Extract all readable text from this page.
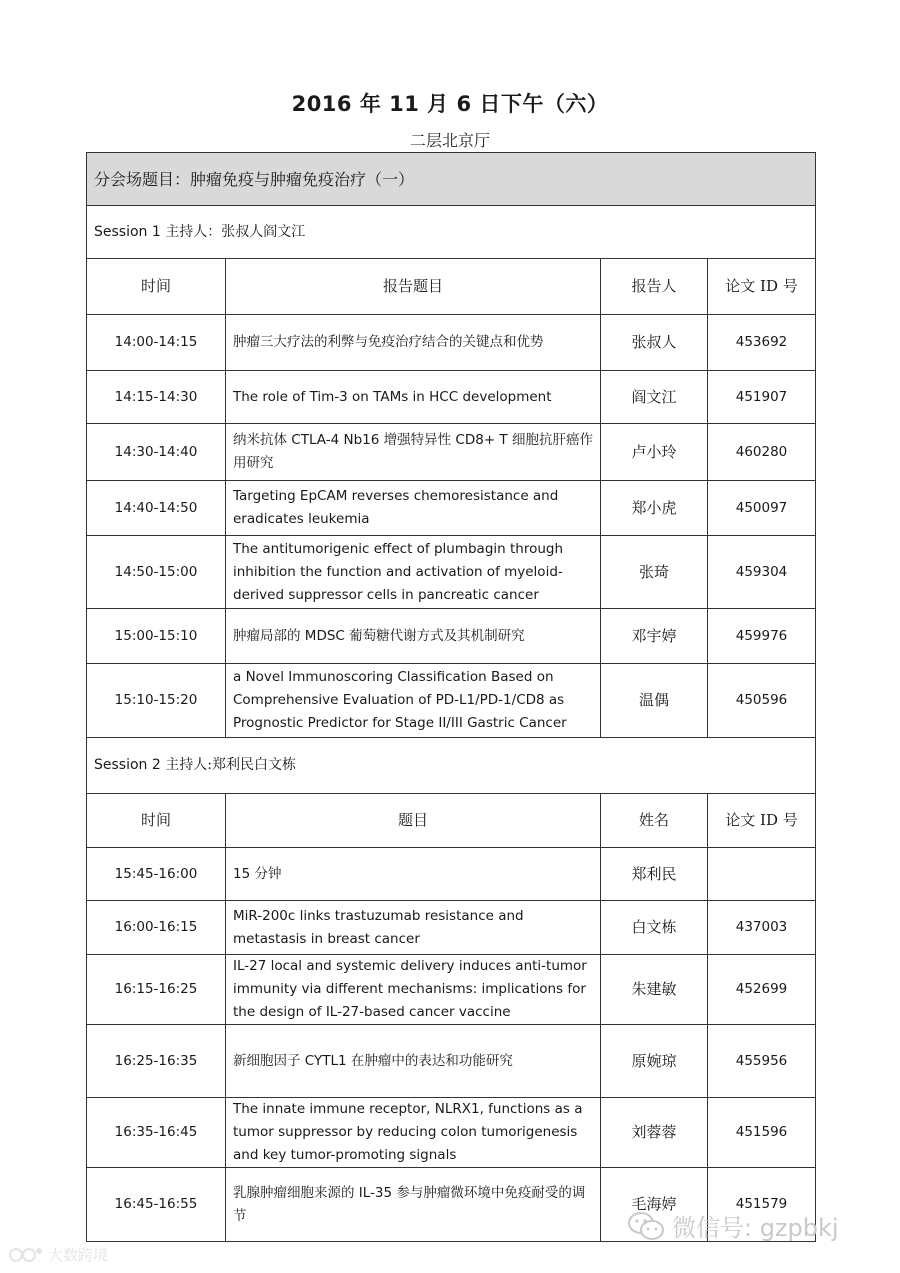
2016 年 11 月 6 日下午（六）
二层北京厅
分会场题目：肿瘤免疫与肿瘤免疫治疗（一）			
Session 1 主持人：张叔人阎文江			
时间	报告题目	报告人	论文 ID 号
14:00-14:15	肿瘤三大疗法的利弊与免疫治疗结合的关键点和优势	张叔人	453692
14:15-14:30	The role of Tim-3 on TAMs in HCC development	阎文江	451907
14:30-14:40	纳米抗体 CTLA-4 Nb16 增强特异性 CD8+ T 细胞抗肝癌作用研究	卢小玲	460280
14:40-14:50	Targeting EpCAM reverses chemoresistance and eradicates leukemia	郑小虎	450097
14:50-15:00	The antitumorigenic effect of plumbagin through inhibition the function and activation of myeloid-derived suppressor cells in pancreatic cancer	张琦	459304
15:00-15:10	肿瘤局部的 MDSC 葡萄糖代谢方式及其机制研究	邓宇婷	459976
15:10-15:20	a Novel Immunoscoring Classification Based on Comprehensive Evaluation of PD-L1/PD-1/CD8 as Prognostic Predictor for Stage II/III Gastric Cancer	温偶	450596
Session 2 主持人:郑利民白文栋			
时间	题目	姓名	论文 ID 号
15:45-16:00	15 分钟	郑利民	
16:00-16:15	MiR-200c links trastuzumab resistance and metastasis in breast cancer	白文栋	437003
16:15-16:25	IL-27 local and systemic delivery induces anti-tumor immunity via different mechanisms: implications for the design of IL-27-based cancer vaccine	朱建敏	452699
16:25-16:35	新细胞因子 CYTL1 在肿瘤中的表达和功能研究	原婉琼	455956
16:35-16:45	The innate immune receptor, NLRX1, functions as a tumor suppressor by reducing colon tumorigenesis and key tumor-promoting signals	刘蓉蓉	451596
16:45-16:55	乳腺肿瘤细胞来源的 IL-35 参与肿瘤微环境中免疫耐受的调节	毛海婷	451579
大数跨境
微信号: gzpbkj
